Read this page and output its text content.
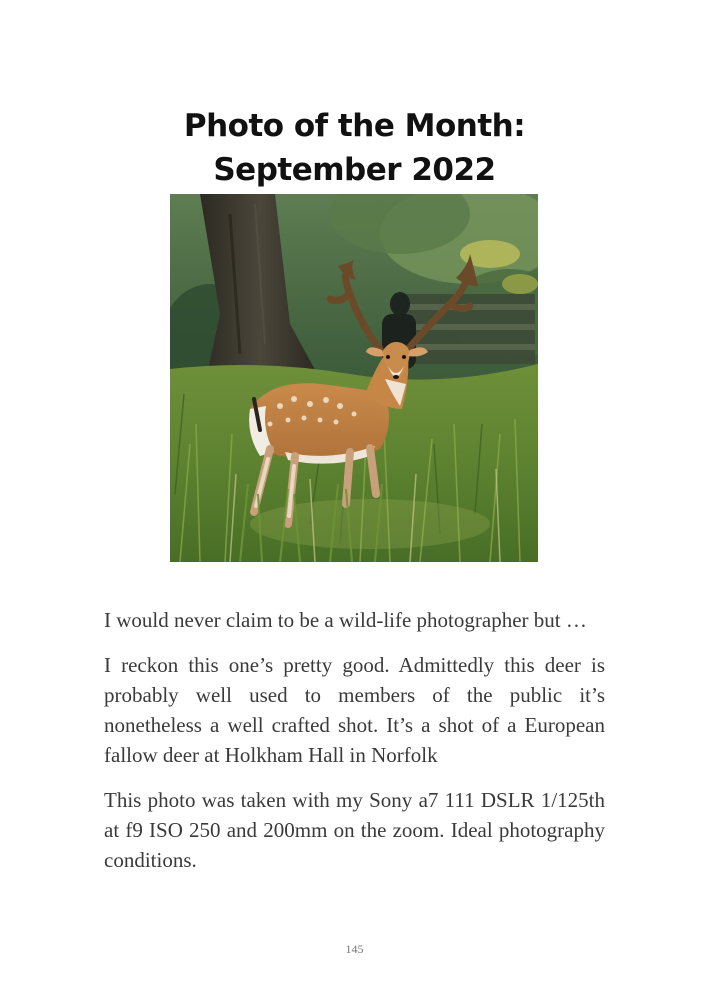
Photo of the Month:
September 2022

I would never claim to be a wild-life photographer but …

I reckon this one’s pretty good. Admittedly this deer is probably well used to members of the public it’s nonetheless a well crafted shot. It’s a shot of a European fallow deer at Holkham Hall in Norfolk

This photo was taken with my Sony a7 111 DSLR 1/125th at f9 ISO 250 and 200mm on the zoom. Ideal photography conditions.

145
